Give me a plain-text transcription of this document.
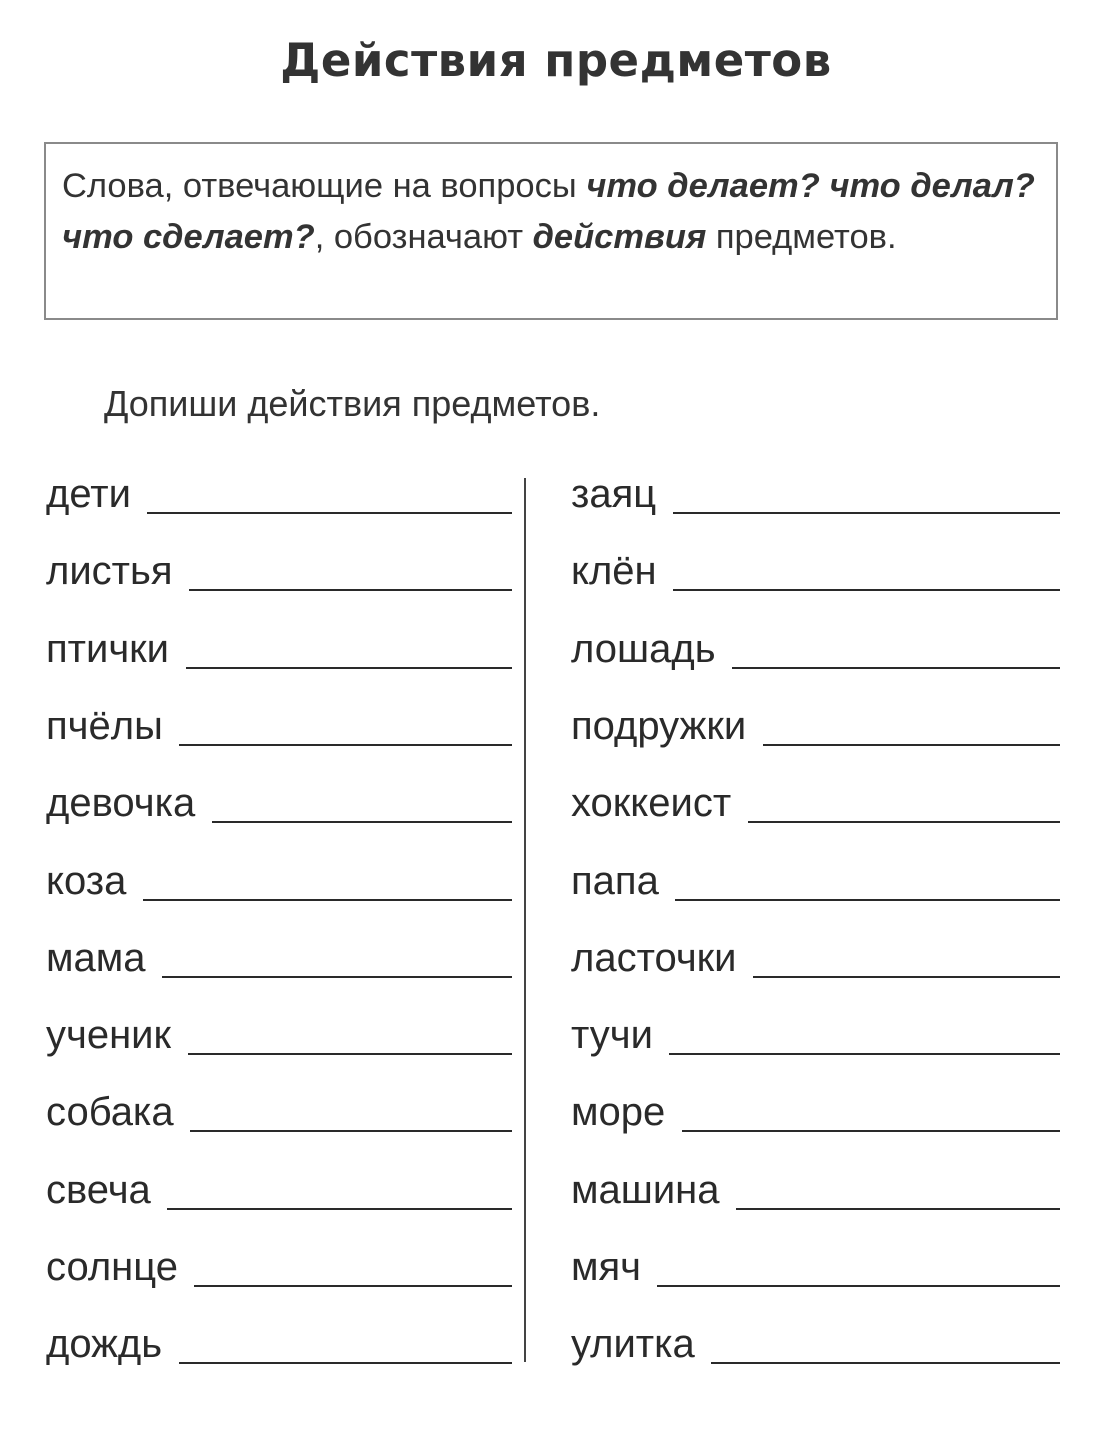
Действия предметов
Слова, отвечающие на вопросы что делает? что делал? что сделает?, обозначают действия предметов.
Допиши действия предметов.
дети
листья
птички
пчёлы
девочка
коза
мама
ученик
собака
свеча
солнце
дождь
заяц
клён
лошадь
подружки
хоккеист
папа
ласточки
тучи
море
машина
мяч
улитка
